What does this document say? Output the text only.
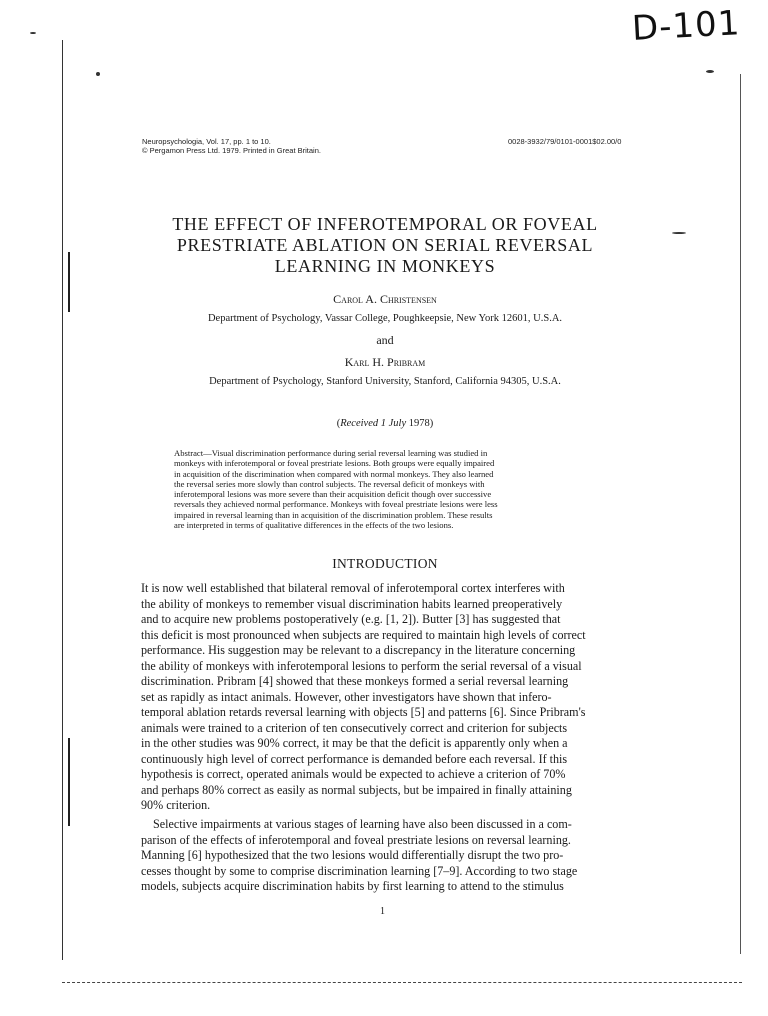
D-101
Neuropsychologia, Vol. 17, pp. 1 to 10.
© Pergamon Press Ltd. 1979. Printed in Great Britain.
0028-3932/79/0101-0001$02.00/0
THE EFFECT OF INFEROTEMPORAL OR FOVEAL
PRESTRIATE ABLATION ON SERIAL REVERSAL
LEARNING IN MONKEYS
Carol A. Christensen
Department of Psychology, Vassar College, Poughkeepsie, New York 12601, U.S.A.
and
Karl H. Pribram
Department of Psychology, Stanford University, Stanford, California 94305, U.S.A.
(Received 1 July 1978)
Abstract—Visual discrimination performance during serial reversal learning was studied in
monkeys with inferotemporal or foveal prestriate lesions. Both groups were equally impaired
in acquisition of the discrimination when compared with normal monkeys. They also learned
the reversal series more slowly than control subjects. The reversal deficit of monkeys with
inferotemporal lesions was more severe than their acquisition deficit though over successive
reversals they achieved normal performance. Monkeys with foveal prestriate lesions were less
impaired in reversal learning than in acquisition of the discrimination problem. These results
are interpreted in terms of qualitative differences in the effects of the two lesions.
INTRODUCTION
It is now well established that bilateral removal of inferotemporal cortex interferes with
the ability of monkeys to remember visual discrimination habits learned preoperatively
and to acquire new problems postoperatively (e.g. [1, 2]). Butter [3] has suggested that
this deficit is most pronounced when subjects are required to maintain high levels of correct
performance. His suggestion may be relevant to a discrepancy in the literature concerning
the ability of monkeys with inferotemporal lesions to perform the serial reversal of a visual
discrimination. Pribram [4] showed that these monkeys formed a serial reversal learning
set as rapidly as intact animals. However, other investigators have shown that infero-
temporal ablation retards reversal learning with objects [5] and patterns [6]. Since Pribram's
animals were trained to a criterion of ten consecutively correct and criterion for subjects
in the other studies was 90% correct, it may be that the deficit is apparently only when a
continuously high level of correct performance is demanded before each reversal. If this
hypothesis is correct, operated animals would be expected to achieve a criterion of 70%
and perhaps 80% correct as easily as normal subjects, but be impaired in finally attaining
90% criterion.
Selective impairments at various stages of learning have also been discussed in a com-
parison of the effects of inferotemporal and foveal prestriate lesions on reversal learning.
Manning [6] hypothesized that the two lesions would differentially disrupt the two pro-
cesses thought by some to comprise discrimination learning [7–9]. According to two stage
models, subjects acquire discrimination habits by first learning to attend to the stimulus
1
